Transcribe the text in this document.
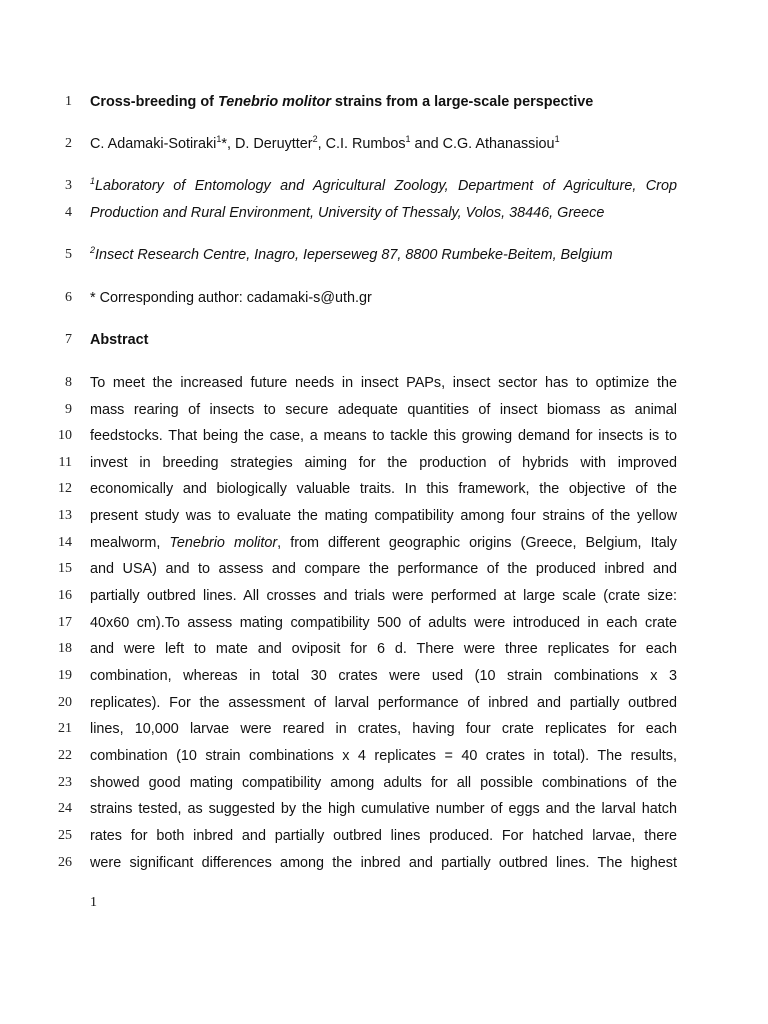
1 Cross-breeding of Tenebrio molitor strains from a large-scale perspective
2 C. Adamaki-Sotiraki$^1$*, D. Deruytter$^2$, C.I. Rumbos$^1$ and C.G. Athanassiou$^1$
3 $^1$Laboratory of Entomology and Agricultural Zoology, Department of Agriculture, Crop
4 Production and Rural Environment, University of Thessaly, Volos, 38446, Greece
5 $^2$Insect Research Centre, Inagro, Ieperseweg 87, 8800 Rumbeke-Beitem, Belgium
6 * Corresponding author: cadamaki-s@uth.gr
7 Abstract
8 To meet the increased future needs in insect PAPs, insect sector has to optimize the
9 mass rearing of insects to secure adequate quantities of insect biomass as animal
10 feedstocks. That being the case, a means to tackle this growing demand for insects is to
11 invest in breeding strategies aiming for the production of hybrids with improved
12 economically and biologically valuable traits. In this framework, the objective of the
13 present study was to evaluate the mating compatibility among four strains of the yellow
14 mealworm, Tenebrio molitor, from different geographic origins (Greece, Belgium, Italy
15 and USA) and to assess and compare the performance of the produced inbred and
16 partially outbred lines. All crosses and trials were performed at large scale (crate size:
17 40x60 cm).To assess mating compatibility 500 of adults were introduced in each crate
18 and were left to mate and oviposit for 6 d. There were three replicates for each
19 combination, whereas in total 30 crates were used (10 strain combinations x 3
20 replicates). For the assessment of larval performance of inbred and partially outbred
21 lines, 10,000 larvae were reared in crates, having four crate replicates for each
22 combination (10 strain combinations x 4 replicates = 40 crates in total). The results,
23 showed good mating compatibility among adults for all possible combinations of the
24 strains tested, as suggested by the high cumulative number of eggs and the larval hatch
25 rates for both inbred and partially outbred lines produced. For hatched larvae, there
26 were significant differences among the inbred and partially outbred lines. The highest
1
